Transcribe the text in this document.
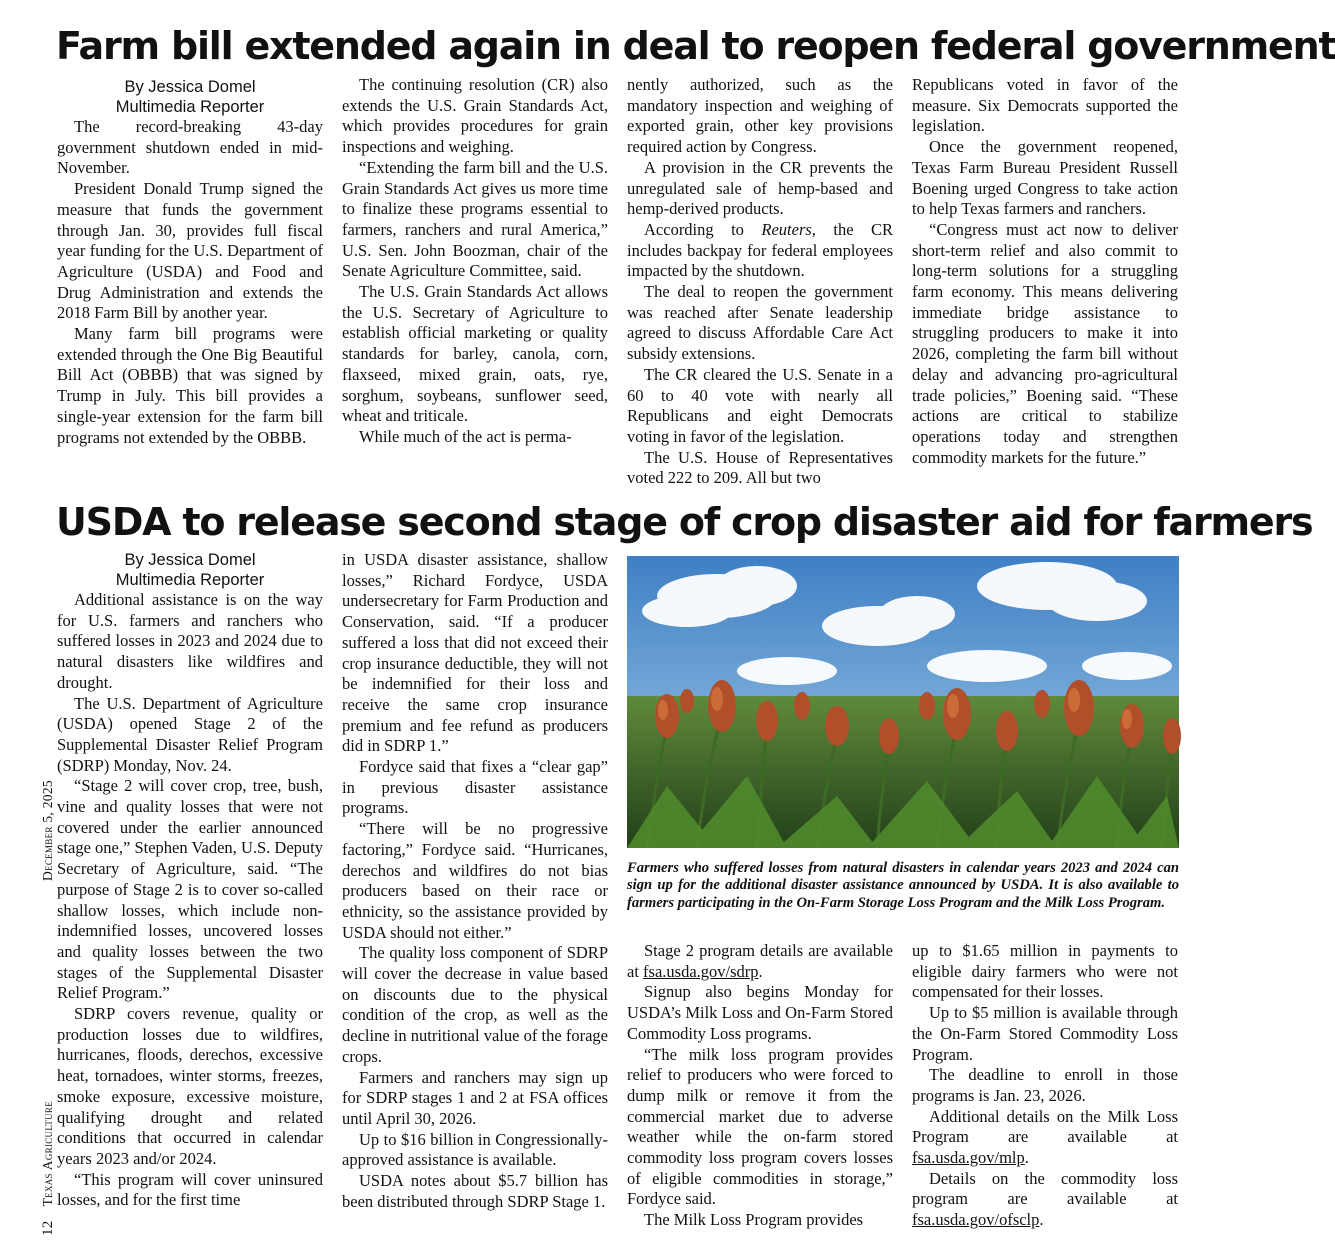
Farm bill extended again in deal to reopen federal government

By Jessica Domel

Multimedia Reporter

The record-breaking 43-day government shutdown ended in mid-November.

President Donald Trump signed the measure that funds the government through Jan. 30, provides full fiscal year funding for the U.S. Department of Agriculture (USDA) and Food and Drug Administration and extends the 2018 Farm Bill by another year.

Many farm bill programs were extended through the One Big Beautiful Bill Act (OBBB) that was signed by Trump in July. This bill provides a single-year extension for the farm bill programs not extended by the OBBB.

The continuing resolution (CR) also extends the U.S. Grain Standards Act, which provides procedures for grain inspections and weighing.

“Extending the farm bill and the U.S. Grain Standards Act gives us more time to finalize these programs essential to farmers, ranchers and rural America,” U.S. Sen. John Boozman, chair of the Senate Agriculture Committee, said.

The U.S. Grain Standards Act allows the U.S. Secretary of Agriculture to establish official marketing or quality standards for barley, canola, corn, flaxseed, mixed grain, oats, rye, sorghum, soybeans, sunflower seed, wheat and triticale.

While much of the act is perma-

nently authorized, such as the mandatory inspection and weighing of exported grain, other key provisions required action by Congress.

A provision in the CR prevents the unregulated sale of hemp-based and hemp-derived products.

According to Reuters, the CR includes backpay for federal employees impacted by the shutdown.

The deal to reopen the government was reached after Senate leadership agreed to discuss Affordable Care Act subsidy extensions.

The CR cleared the U.S. Senate in a 60 to 40 vote with nearly all Republicans and eight Democrats voting in favor of the legislation.

The U.S. House of Representatives voted 222 to 209. All but two

Republicans voted in favor of the measure. Six Democrats supported the legislation.

Once the government reopened, Texas Farm Bureau President Russell Boening urged Congress to take action to help Texas farmers and ranchers.

“Congress must act now to deliver short-term relief and also commit to long-term solutions for a struggling farm economy. This means delivering immediate bridge assistance to struggling producers to make it into 2026, completing the farm bill without delay and advancing pro-agricultural trade policies,” Boening said. “These actions are critical to stabilize operations today and strengthen commodity markets for the future.”

USDA to release second stage of crop disaster aid for farmers

By Jessica Domel

Multimedia Reporter

Additional assistance is on the way for U.S. farmers and ranchers who suffered losses in 2023 and 2024 due to natural disasters like wildfires and drought.

The U.S. Department of Agriculture (USDA) opened Stage 2 of the Supplemental Disaster Relief Program (SDRP) Monday, Nov. 24.

“Stage 2 will cover crop, tree, bush, vine and quality losses that were not covered under the earlier announced stage one,” Stephen Vaden, U.S. Deputy Secretary of Agriculture, said. “The purpose of Stage 2 is to cover so-called shallow losses, which include non-indemnified losses, uncovered losses and quality losses between the two stages of the Supplemental Disaster Relief Program.”

SDRP covers revenue, quality or production losses due to wildfires, hurricanes, floods, derechos, excessive heat, tornadoes, winter storms, freezes, smoke exposure, excessive moisture, qualifying drought and related conditions that occurred in calendar years 2023 and/or 2024.

“This program will cover uninsured losses, and for the first time

in USDA disaster assistance, shallow losses,” Richard Fordyce, USDA undersecretary for Farm Production and Conservation, said. “If a producer suffered a loss that did not exceed their crop insurance deductible, they will not be indemnified for their loss and receive the same crop insurance premium and fee refund as producers did in SDRP 1.”

Fordyce said that fixes a “clear gap” in previous disaster assistance programs.

“There will be no progressive factoring,” Fordyce said. “Hurricanes, derechos and wildfires do not bias producers based on their race or ethnicity, so the assistance provided by USDA should not either.”

The quality loss component of SDRP will cover the decrease in value based on discounts due to the physical condition of the crop, as well as the decline in nutritional value of the forage crops.

Farmers and ranchers may sign up for SDRP stages 1 and 2 at FSA offices until April 30, 2026.

Up to $16 billion in Congressionally-approved assistance is available.

USDA notes about $5.7 billion has been distributed through SDRP Stage 1.

Farmers who suffered losses from natural disasters in calendar years 2023 and 2024 can sign up for the additional disaster assistance announced by USDA. It is also available to farmers participating in the On-Farm Storage Loss Program and the Milk Loss Program.

Stage 2 program details are available at fsa.usda.gov/sdrp.

Signup also begins Monday for USDA’s Milk Loss and On-Farm Stored Commodity Loss programs.

“The milk loss program provides relief to producers who were forced to dump milk or remove it from the commercial market due to adverse weather while the on-farm stored commodity loss program covers losses of eligible commodities in storage,” Fordyce said.

The Milk Loss Program provides

up to $1.65 million in payments to eligible dairy farmers who were not compensated for their losses.

Up to $5 million is available through the On-Farm Stored Commodity Loss Program.

The deadline to enroll in those programs is Jan. 23, 2026.

Additional details on the Milk Loss Program are available at fsa.usda.gov/mlp.

Details on the commodity loss program are available at fsa.usda.gov/ofsclp.

12Texas AgricultureDecember 5, 2025
